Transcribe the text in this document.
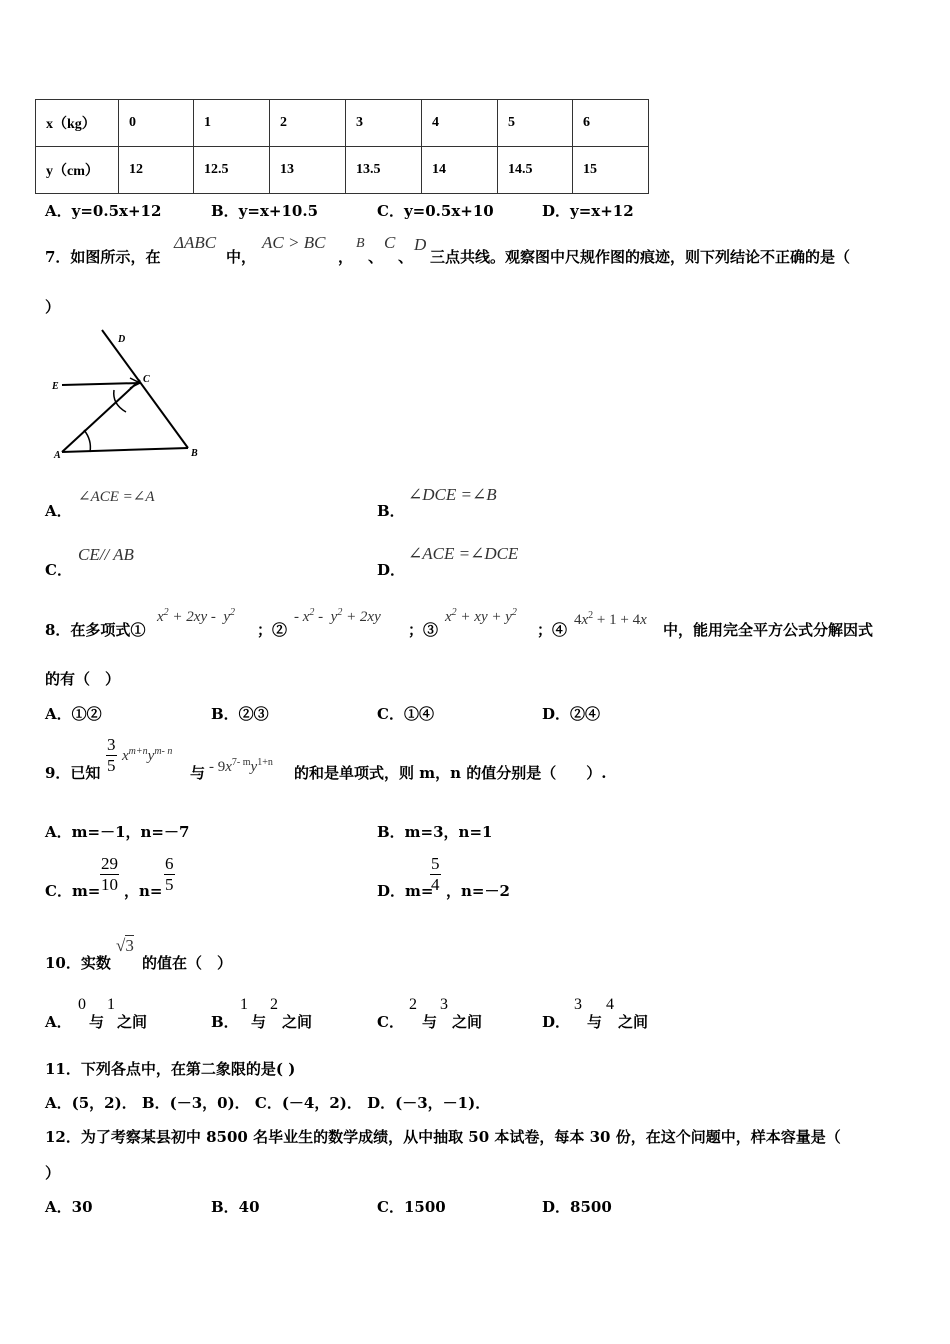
x（kg）	0	1	2	3	4	5	6
y（cm）	12	12.5	13	13.5	14	14.5	15
A．y=0.5x+12	B．y=x+10.5	C．y=0.5x+10	D．y=x+12
7．如图所示，在
ΔABC
中，
AC > BC
，
B
、
C
、
D
三点共线。观察图中尺规作图的痕迹，则下列结论不正确的是（
）
D
E
C
A	B
A．
∠ACE =∠A
B．
∠DCE =∠B
C．
CE// AB
D．
∠ACE =∠DCE
8．在多项式①
$x^2 + 2xy - y^2$
；②
- $x^2 - y^2 + 2xy$
；③
$x^2$ + xy + $y^2$
；④
$4x^2 + 1 + 4x$
中，能用完全平方公式分解因式
的有（　）
A．①②	B．②③	C．①④	D．②④
9．已知 $\frac{3}{5} x^{m+n}y^{m- n}$
与 - $9x^{7- m}y^{1+n}$
的和是单项式，则 m，n 的值分别是（　　）.
A．m=－1，n=－7	B．m=3，n=1
C．$m= \frac{29}{10}$ ，$n= \frac{6}{5}$	D．m=
$\frac{5}{4}$ ，n=－2
10．实数
√3
的值在（　）
A．
0
与
1
之间	B．
1
与
2
之间	C．
2
与
3
之间	D．
3
与
4
之间
11．下列各点中，在第二象限的是( )
A．(5，2)． B．(－3，0)． C．(－4，2)． D．(－3，－1)．
12．为了考察某县初中 8500 名毕业生的数学成绩，从中抽取 50 本试卷，每本 30 份，在这个问题中，样本容量是（
）
A．30	B．40	C．1500	D．8500
